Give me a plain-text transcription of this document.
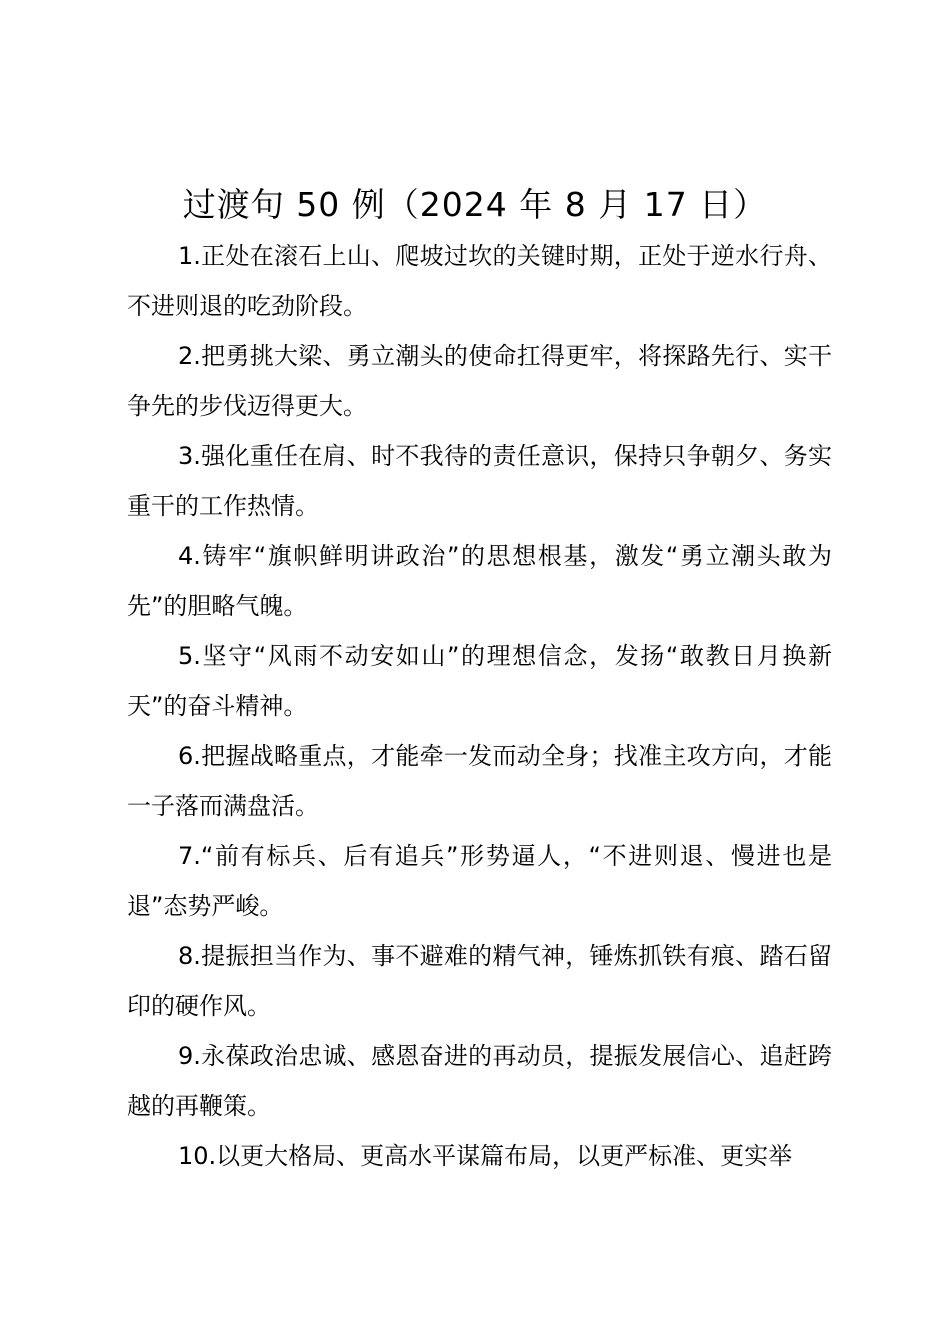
过渡句 50 例（2024 年 8 月 17 日）

1.正处在滚石上山、爬坡过坎的关键时期，正处于逆水行舟、不进则退的吃劲阶段。

2.把勇挑大梁、勇立潮头的使命扛得更牢，将探路先行、实干争先的步伐迈得更大。

3.强化重任在肩、时不我待的责任意识，保持只争朝夕、务实重干的工作热情。

4.铸牢“旗帜鲜明讲政治”的思想根基，激发“勇立潮头敢为先”的胆略气魄。

5.坚守“风雨不动安如山”的理想信念，发扬“敢教日月换新天”的奋斗精神。

6.把握战略重点，才能牵一发而动全身；找准主攻方向，才能一子落而满盘活。

7.“前有标兵、后有追兵”形势逼人，“不进则退、慢进也是退”态势严峻。

8.提振担当作为、事不避难的精气神，锤炼抓铁有痕、踏石留印的硬作风。

9.永葆政治忠诚、感恩奋进的再动员，提振发展信心、追赶跨越的再鞭策。

10.以更大格局、更高水平谋篇布局，以更严标准、更实举
